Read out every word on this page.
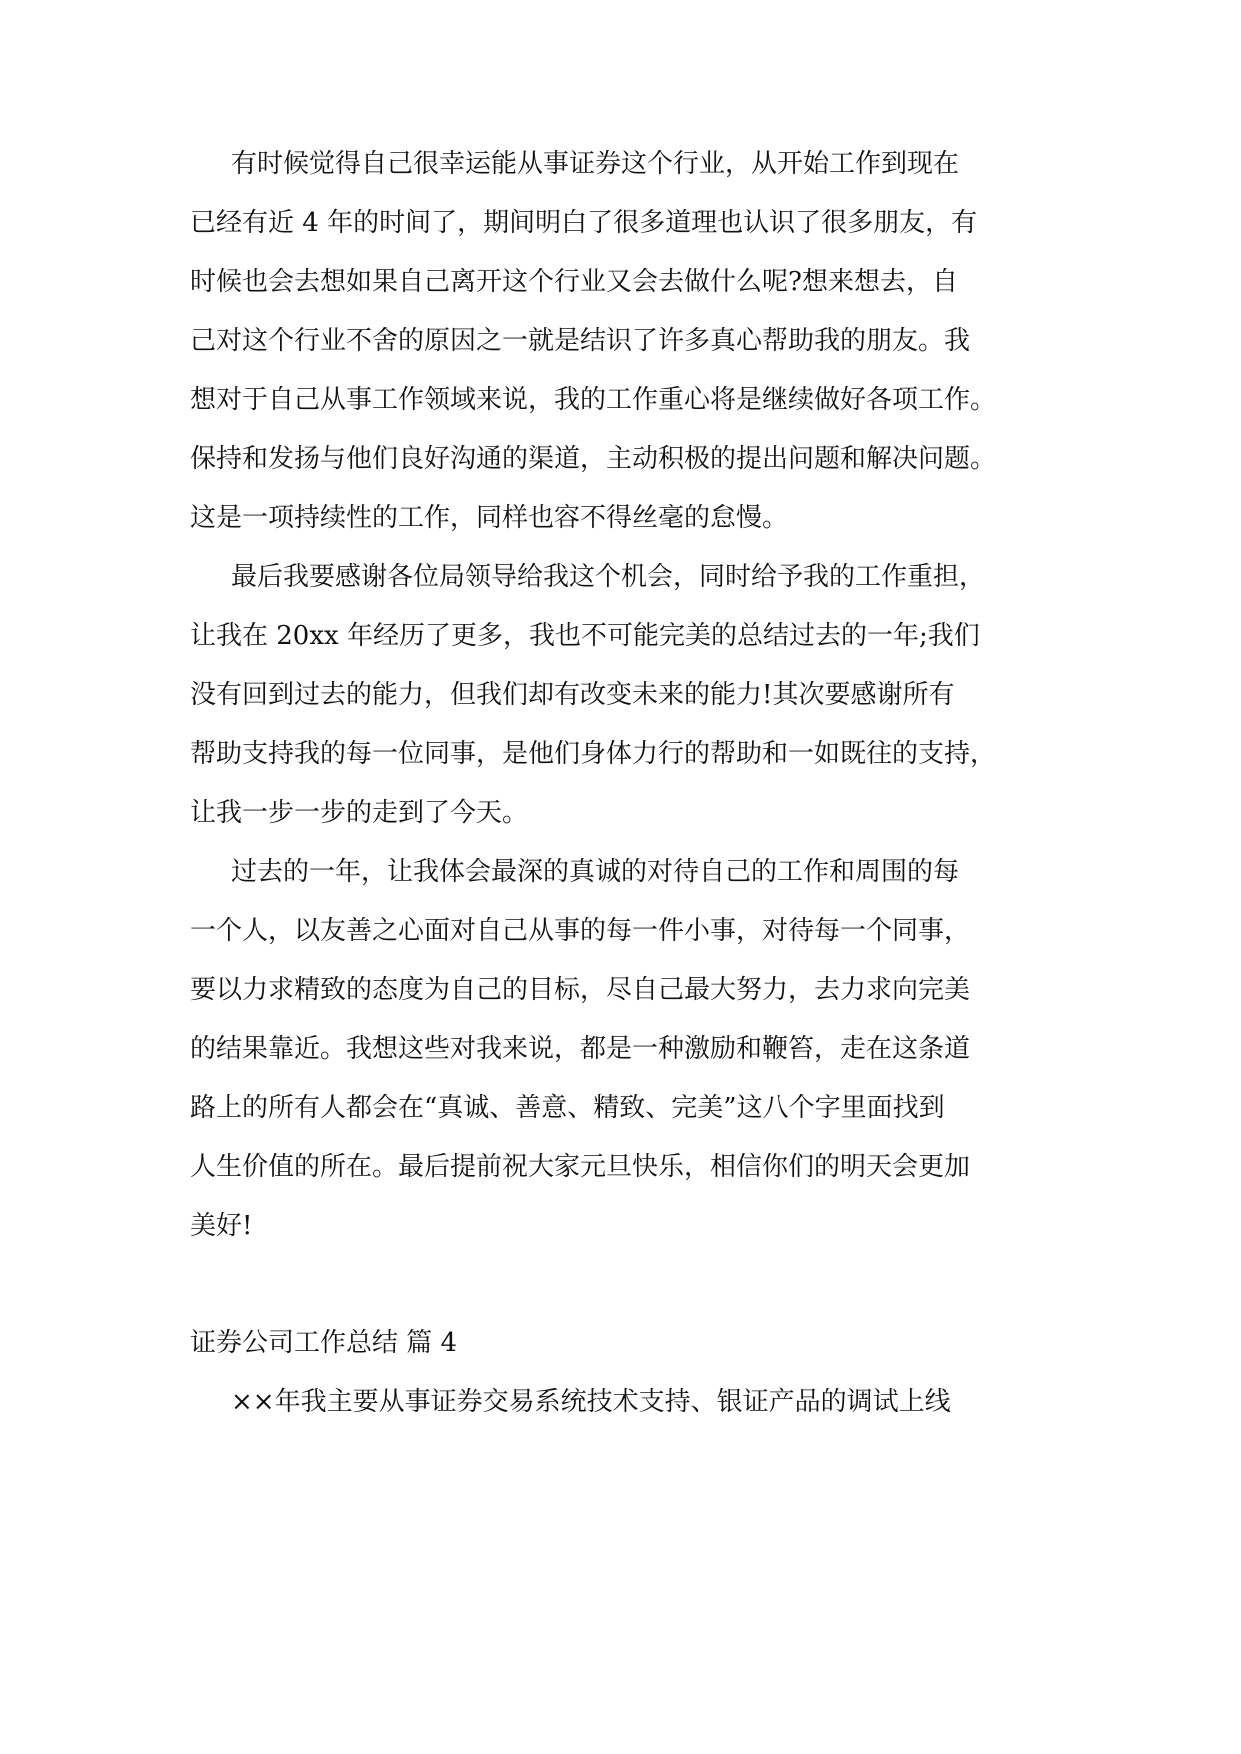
有时候觉得自己很幸运能从事证券这个行业，从开始工作到现在
已经有近 4 年的时间了，期间明白了很多道理也认识了很多朋友，有
时候也会去想如果自己离开这个行业又会去做什么呢?想来想去，自
己对这个行业不舍的原因之一就是结识了许多真心帮助我的朋友。我
想对于自己从事工作领域来说，我的工作重心将是继续做好各项工作。
保持和发扬与他们良好沟通的渠道，主动积极的提出问题和解决问题。
这是一项持续性的工作，同样也容不得丝毫的怠慢。
最后我要感谢各位局领导给我这个机会，同时给予我的工作重担，
让我在 20xx 年经历了更多，我也不可能完美的总结过去的一年;我们
没有回到过去的能力，但我们却有改变未来的能力!其次要感谢所有
帮助支持我的每一位同事，是他们身体力行的帮助和一如既往的支持，
让我一步一步的走到了今天。
过去的一年，让我体会最深的真诚的对待自己的工作和周围的每
一个人，以友善之心面对自己从事的每一件小事，对待每一个同事，
要以力求精致的态度为自己的目标，尽自己最大努力，去力求向完美
的结果靠近。我想这些对我来说，都是一种激励和鞭笞，走在这条道
路上的所有人都会在“真诚、善意、精致、完美”这八个字里面找到
人生价值的所在。最后提前祝大家元旦快乐，相信你们的明天会更加
美好!
证券公司工作总结 篇 4
××年我主要从事证券交易系统技术支持、银证产品的调试上线
